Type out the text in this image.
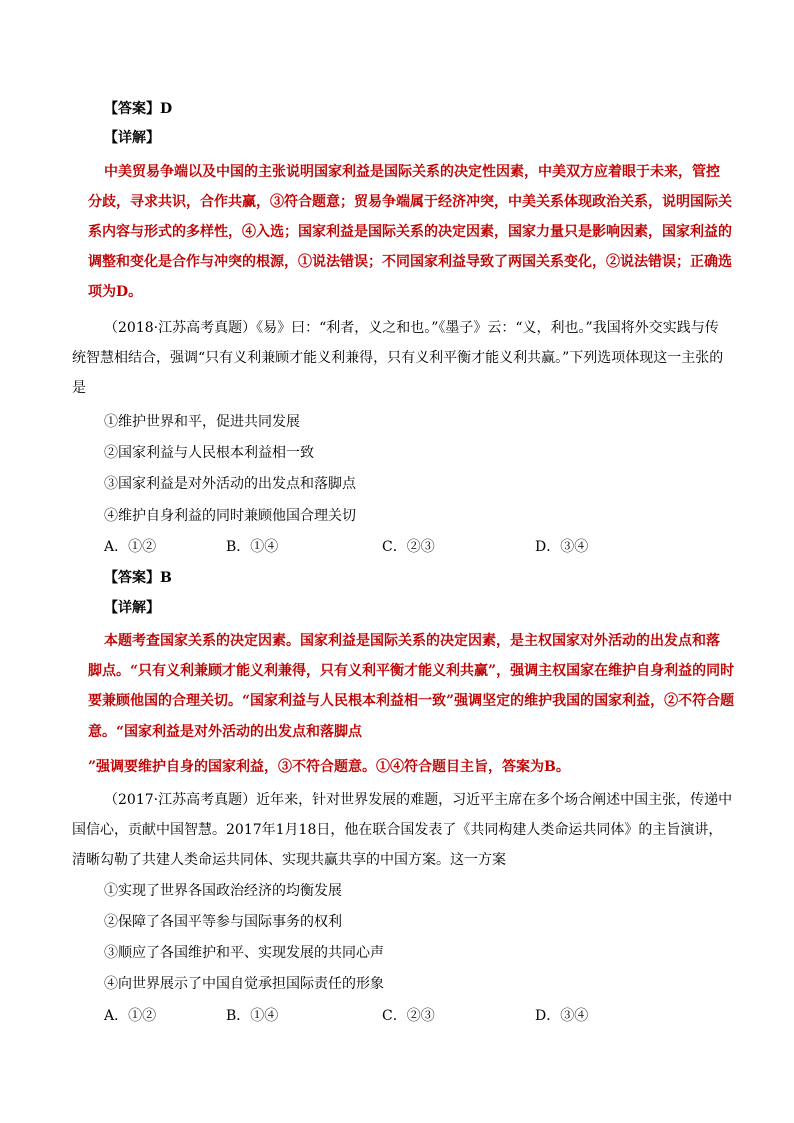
【答案】D
【详解】
中美贸易争端以及中国的主张说明国家利益是国际关系的决定性因素，中美双方应着眼于未来，管控
分歧，寻求共识，合作共赢，③符合题意；贸易争端属于经济冲突，中美关系体现政治关系，说明国际关
系内容与形式的多样性，④入选；国家利益是国际关系的决定因素，国家力量只是影响因素，国家利益的
调整和变化是合作与冲突的根源，①说法错误；不同国家利益导致了两国关系变化，②说法错误；正确选
项为D。
（2018·江苏高考真题）《易》曰：“利者，义之和也。”《墨子》云：“义，利也。”我国将外交实践与传
统智慧相结合，强调“只有义利兼顾才能义利兼得，只有义利平衡才能义利共赢。”下列选项体现这一主张的
是
①维护世界和平，促进共同发展
②国家利益与人民根本利益相一致
③国家利益是对外活动的出发点和落脚点
④维护自身利益的同时兼顾他国合理关切
A．①②	B．①④	C．②③	D．③④
【答案】B
【详解】
本题考查国家关系的决定因素。国家利益是国际关系的决定因素，是主权国家对外活动的出发点和落
脚点。“只有义利兼顾才能义利兼得，只有义利平衡才能义利共赢”，强调主权国家在维护自身利益的同时
要兼顾他国的合理关切。“国家利益与人民根本利益相一致”强调坚定的维护我国的国家利益，②不符合题
意。“国家利益是对外活动的出发点和落脚点
”强调要维护自身的国家利益，③不符合题意。①④符合题目主旨，答案为B。
（2017·江苏高考真题）近年来，针对世界发展的难题，习近平主席在多个场合阐述中国主张，传递中
国信心，贡献中国智慧。2017年1月18日，他在联合国发表了《共同构建人类命运共同体》的主旨演讲，
清晰勾勒了共建人类命运共同体、实现共赢共享的中国方案。这一方案
①实现了世界各国政治经济的均衡发展
②保障了各国平等参与国际事务的权利
③顺应了各国维护和平、实现发展的共同心声
④向世界展示了中国自觉承担国际责任的形象
A．①②	B．①④	C．②③	D．③④
